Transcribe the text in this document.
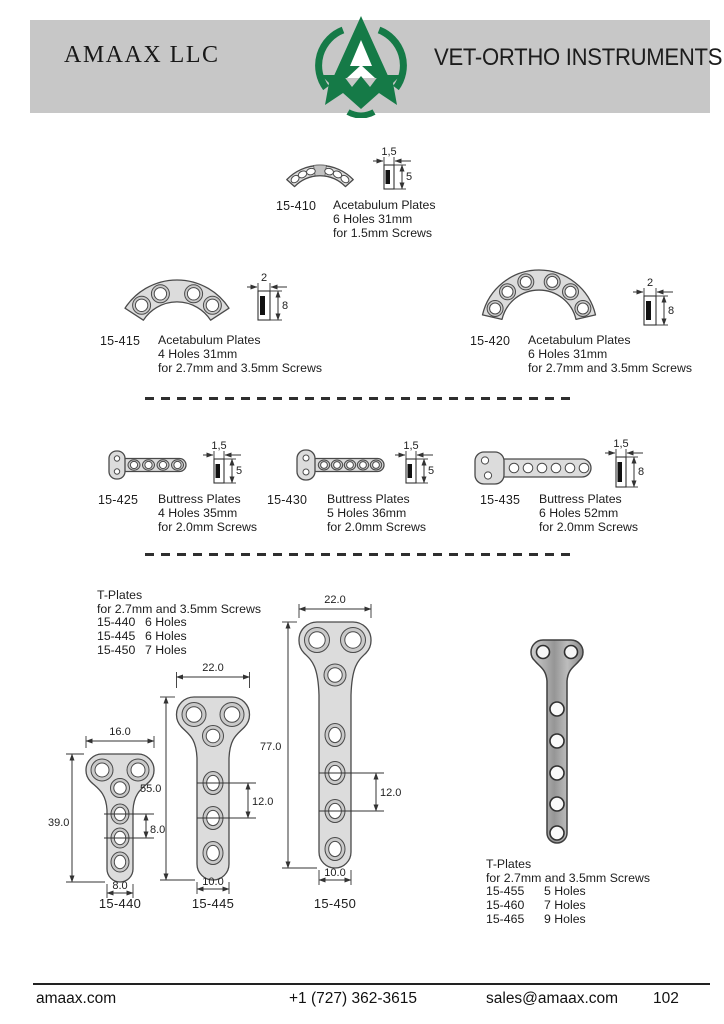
AMAAX LLC	VET-ORTHO INSTRUMENTS
1,5
5
15-410 Acetabulum Plates
6 Holes 31mm
for 1.5mm Screws
2
8
15-415 Acetabulum Plates
4 Holes 31mm
for 2.7mm and 3.5mm Screws
2
8
15-420 Acetabulum Plates
6 Holes 31mm
for 2.7mm and 3.5mm Screws
1,5
5
15-425 Buttress Plates
4 Holes 35mm
for 2.0mm Screws
1,5
5
15-430 Buttress Plates
5 Holes 36mm
for 2.0mm Screws
1,5
8
15-435 Buttress Plates
6 Holes 52mm
for 2.0mm Screws
T-Plates
for 2.7mm and 3.5mm Screws
15-440 6 Holes
15-445 6 Holes
15-450 7 Holes
16.0
39.0
8.0
8.0
15-440
22.0
55.0
12.0
10.0
15-445
22.0
77.0
12.0
10.0
15-450
T-Plates
for 2.7mm and 3.5mm Screws
15-455 5 Holes
15-460 7 Holes
15-465 9 Holes
amaax.com	+1 (727) 362-3615	sales@amaax.com 102
